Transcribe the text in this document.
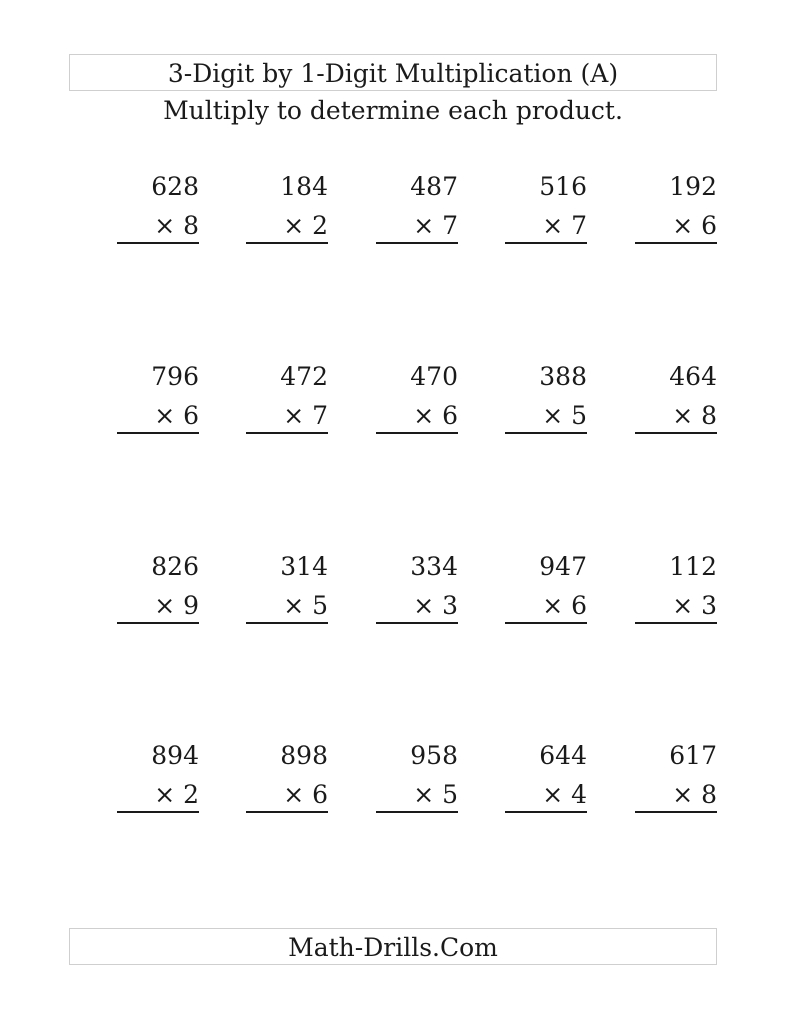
3-Digit by 1-Digit Multiplication (A)
Multiply to determine each product.
628
× 8
184
× 2
487
× 7
516
× 7
192
× 6
796
× 6
472
× 7
470
× 6
388
× 5
464
× 8
826
× 9
314
× 5
334
× 3
947
× 6
112
× 3
894
× 2
898
× 6
958
× 5
644
× 4
617
× 8
Math-Drills.Com
